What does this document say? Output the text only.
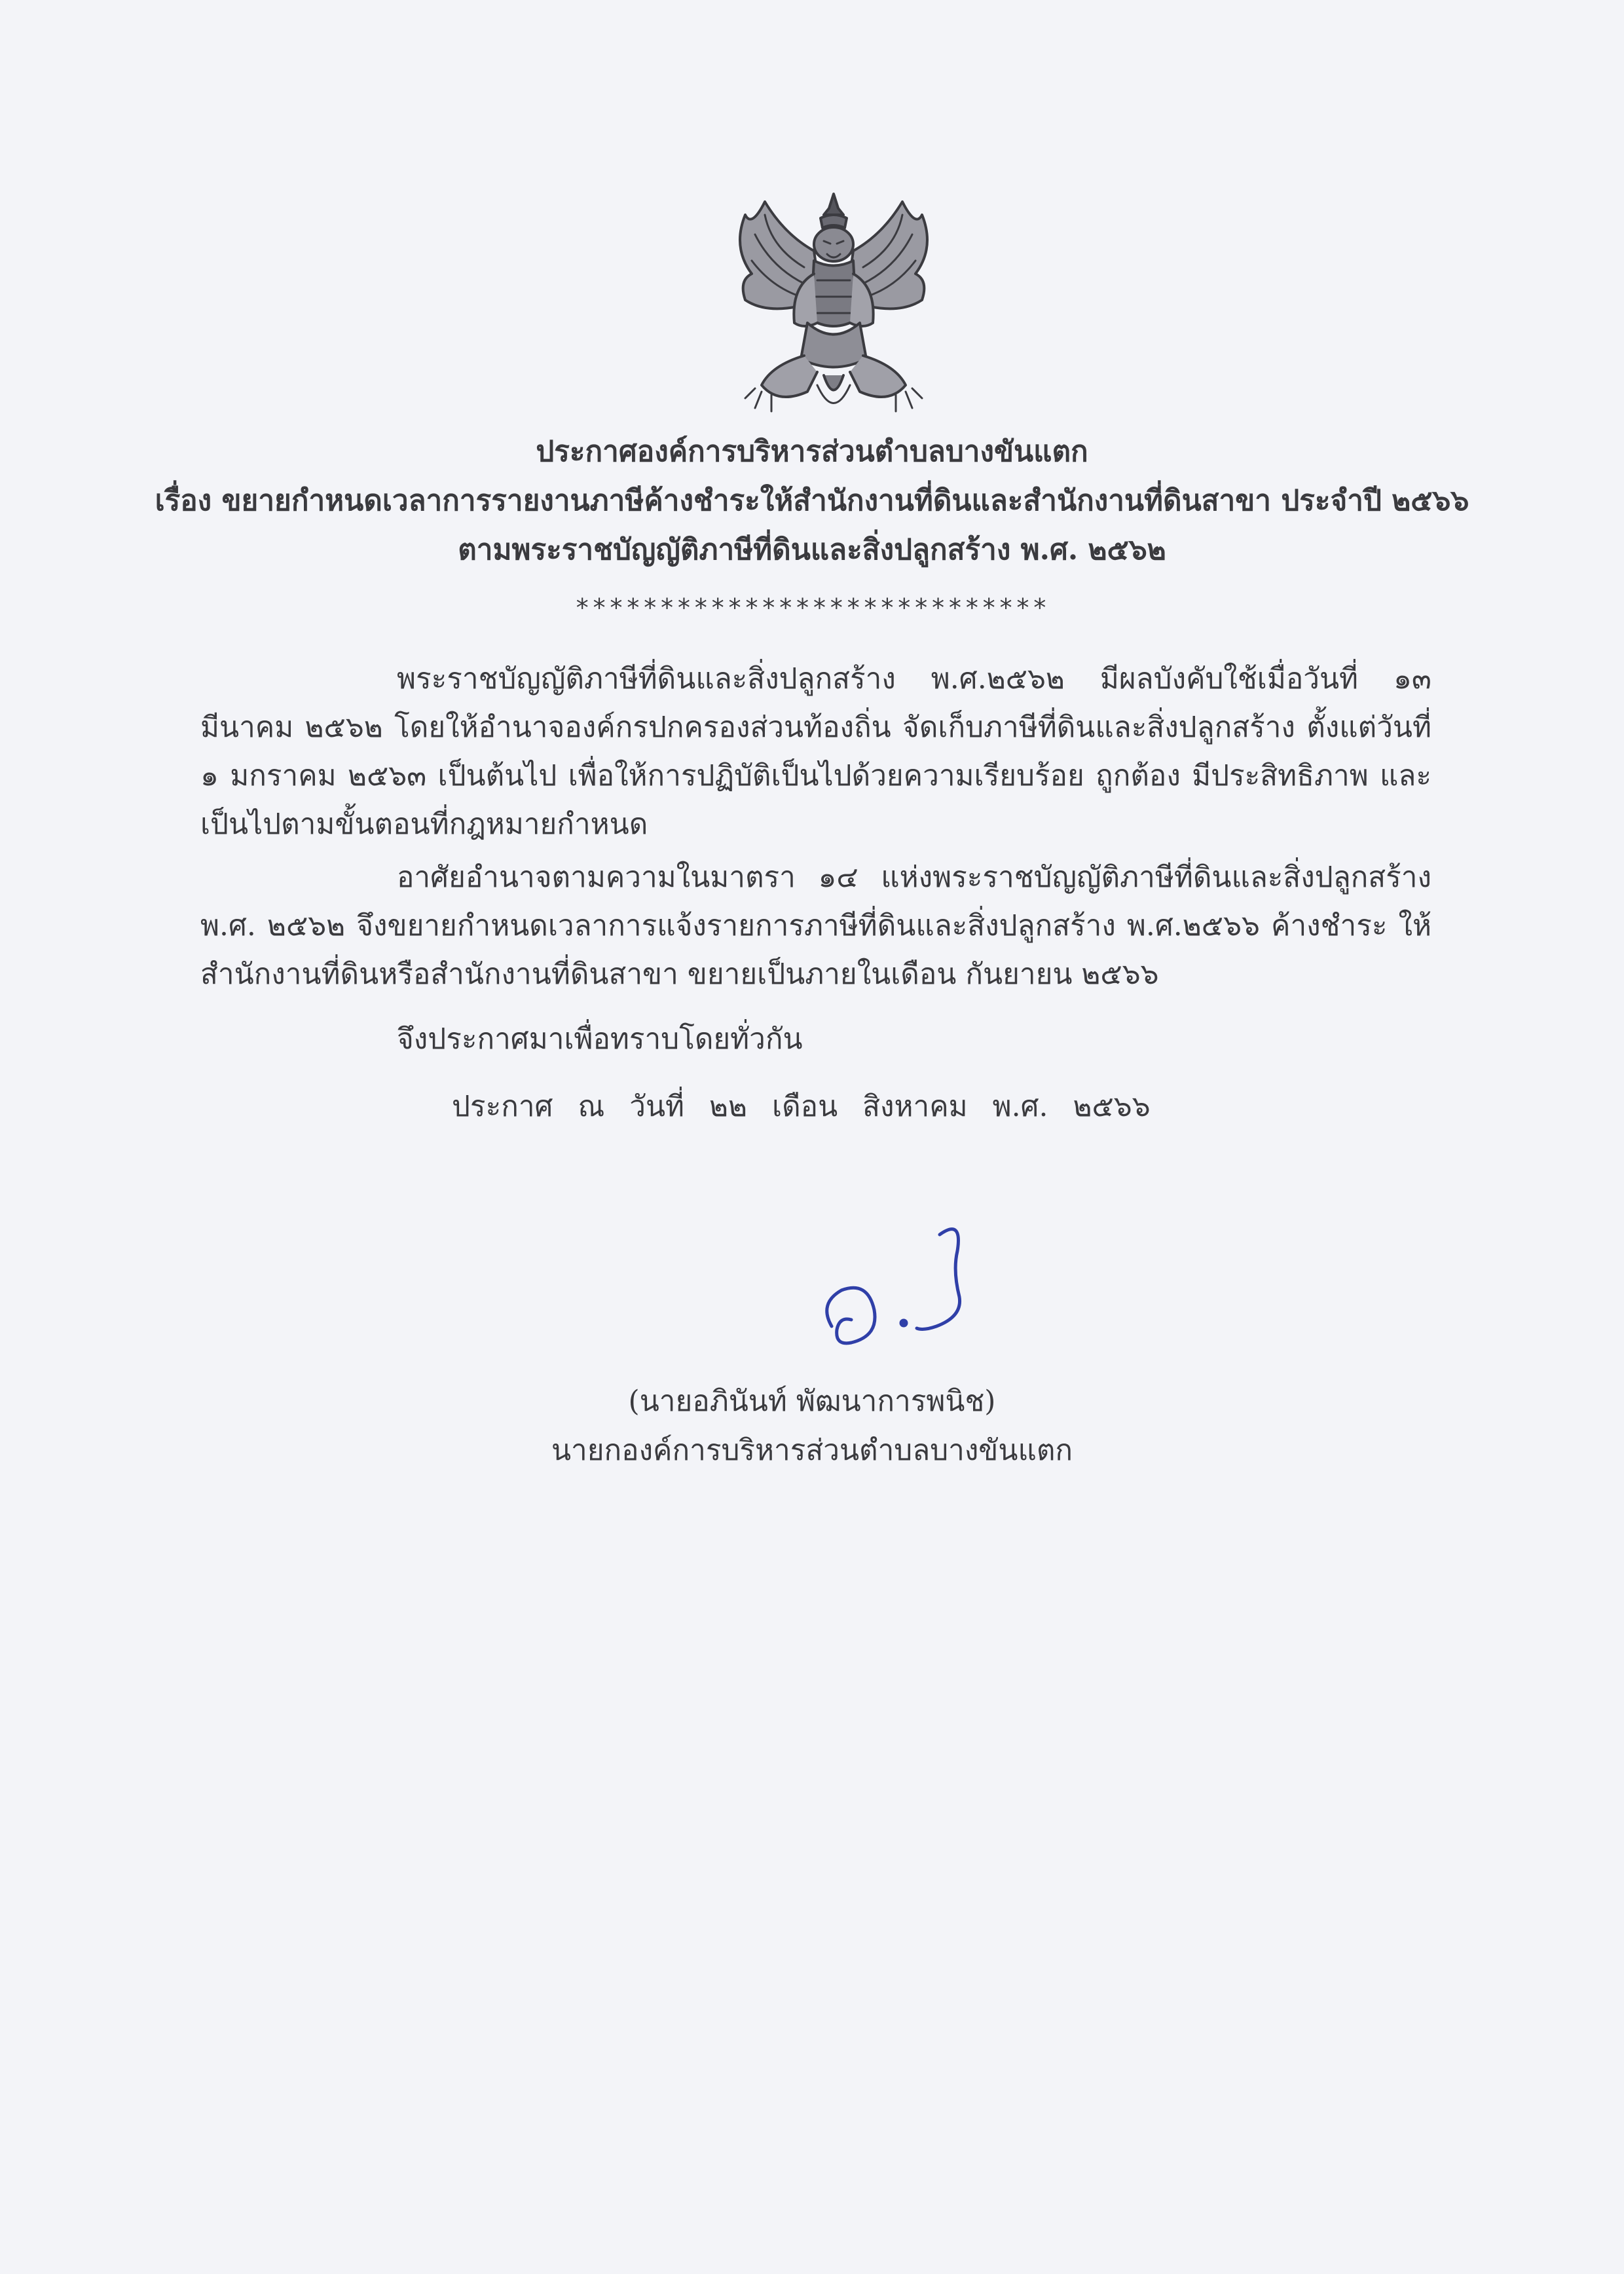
ประกาศองค์การบริหารส่วนตำบลบางขันแตก
เรื่อง ขยายกำหนดเวลาการรายงานภาษีค้างชำระให้สำนักงานที่ดินและสำนักงานที่ดินสาขา ประจำปี ๒๕๖๖
ตามพระราชบัญญัติภาษีที่ดินและสิ่งปลูกสร้าง พ.ศ. ๒๕๖๒
****************************
พระราชบัญญัติภาษีที่ดินและสิ่งปลูกสร้าง พ.ศ.๒๕๖๒ มีผลบังคับใช้เมื่อวันที่ ๑๓
มีนาคม ๒๕๖๒ โดยให้อำนาจองค์กรปกครองส่วนท้องถิ่น จัดเก็บภาษีที่ดินและสิ่งปลูกสร้าง ตั้งแต่วันที่
๑ มกราคม ๒๕๖๓ เป็นต้นไป เพื่อให้การปฏิบัติเป็นไปด้วยความเรียบร้อย ถูกต้อง มีประสิทธิภาพ และ
เป็นไปตามขั้นตอนที่กฎหมายกำหนด
อาศัยอำนาจตามความในมาตรา ๑๔ แห่งพระราชบัญญัติภาษีที่ดินและสิ่งปลูกสร้าง
พ.ศ. ๒๕๖๒ จึงขยายกำหนดเวลาการแจ้งรายการภาษีที่ดินและสิ่งปลูกสร้าง พ.ศ.๒๕๖๖ ค้างชำระ ให้
สำนักงานที่ดินหรือสำนักงานที่ดินสาขา ขยายเป็นภายในเดือน กันยายน ๒๕๖๖
จึงประกาศมาเพื่อทราบโดยทั่วกัน
ประกาศ ณ วันที่ ๒๒ เดือน สิงหาคม พ.ศ. ๒๕๖๖
(นายอภินันท์ พัฒนาการพนิช)
นายกองค์การบริหารส่วนตำบลบางขันแตก
